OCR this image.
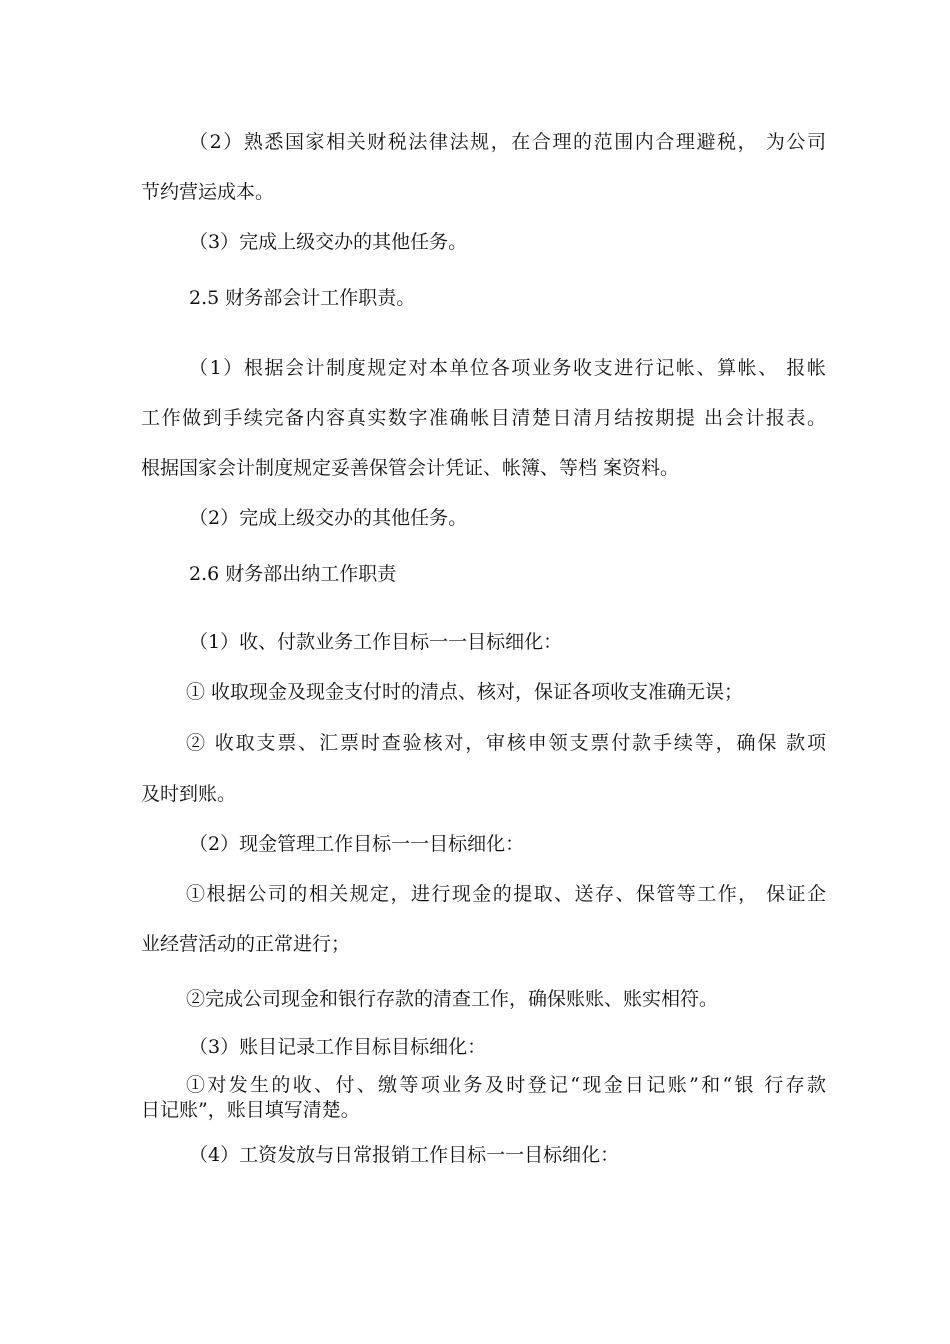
（2）熟悉国家相关财税法律法规，在合理的范围内合理避税， 为公司
节约营运成本。
（3）完成上级交办的其他任务。
2.5 财务部会计工作职责。
（1）根据会计制度规定对本单位各项业务收支进行记帐、算帐、 报帐
工作做到手续完备内容真实数字准确帐目清楚日清月结按期提 出会计报表。
根据国家会计制度规定妥善保管会计凭证、帐簿、等档 案资料。
（2）完成上级交办的其他任务。
2.6 财务部出纳工作职责
（1）收、付款业务工作目标一一目标细化：
① 收取现金及现金支付时的清点、核对，保证各项收支准确无误；
② 收取支票、汇票时查验核对，审核申领支票付款手续等，确保 款项
及时到账。
（2）现金管理工作目标一一目标细化：
①根据公司的相关规定，进行现金的提取、送存、保管等工作， 保证企
业经营活动的正常进行；
②完成公司现金和银行存款的清查工作，确保账账、账实相符。
（3）账目记录工作目标目标细化：
①对发生的收、付、缴等项业务及时登记“现金日记账”和“银 行存款
日记账”，账目填写清楚。
（4）工资发放与日常报销工作目标一一目标细化：
